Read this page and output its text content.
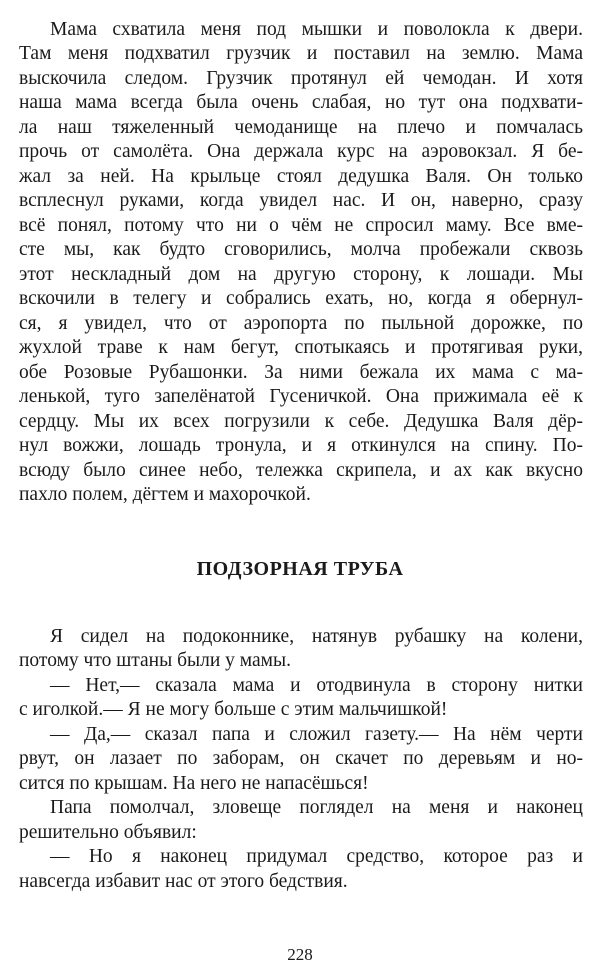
Мама схватила меня под мышки и поволокла к двери.
Там меня подхватил грузчик и поставил на землю. Мама
выскочила следом. Грузчик протянул ей чемодан. И хотя
наша мама всегда была очень слабая, но тут она подхвати-
ла наш тяжеленный чемоданище на плечо и помчалась
прочь от самолёта. Она держала курс на аэровокзал. Я бе-
жал за ней. На крыльце стоял дедушка Валя. Он только
всплеснул руками, когда увидел нас. И он, наверно, сразу
всё понял, потому что ни о чём не спросил маму. Все вме-
сте мы, как будто сговорились, молча пробежали сквозь
этот нескладный дом на другую сторону, к лошади. Мы
вскочили в телегу и собрались ехать, но, когда я обернул-
ся, я увидел, что от аэропорта по пыльной дорожке, по
жухлой траве к нам бегут, спотыкаясь и протягивая руки,
обе Розовые Рубашонки. За ними бежала их мама с ма-
ленькой, туго запелёнатой Гусеничкой. Она прижимала её к
сердцу. Мы их всех погрузили к себе. Дедушка Валя дёр-
нул вожжи, лошадь тронула, и я откинулся на спину. По-
всюду было синее небо, тележка скрипела, и ах как вкусно
пахло полем, дёгтем и махорочкой.
ПОДЗОРНАЯ ТРУБА
Я сидел на подоконнике, натянув рубашку на колени,
потому что штаны были у мамы.
— Нет,— сказала мама и отодвинула в сторону нитки
с иголкой.— Я не могу больше с этим мальчишкой!
— Да,— сказал папа и сложил газету.— На нём черти
рвут, он лазает по заборам, он скачет по деревьям и но-
сится по крышам. На него не напасёшься!
Папа помолчал, зловеще поглядел на меня и наконец
решительно объявил:
— Но я наконец придумал средство, которое раз и
навсегда избавит нас от этого бедствия.
228
